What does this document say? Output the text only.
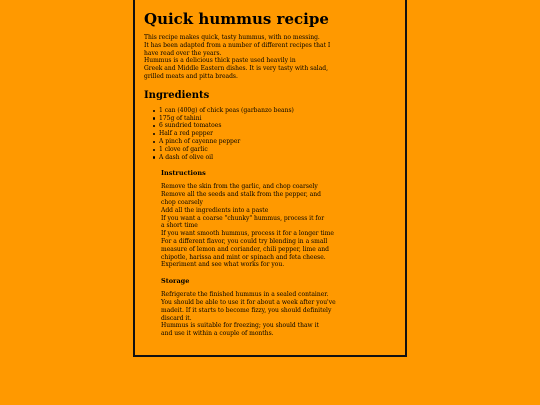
Quick hummus recipe

This recipe makes quick, tasty hummus, with no messing.

It has been adapted from a number of different recipes that I

have read over the years.

Hummus is a delicious thick paste used heavily in

Greek and Middle Eastern dishes. It is very tasty with salad,

grilled meats and pitta breads.

Ingredients
1 can (400g) of chick peas (garbanzo beans)
175g of tahini
6 sundried tomatoes
Half a red pepper
A pinch of cayenne pepper
1 clove of garlic
A dash of olive oil
Instructions

Remove the skin from the garlic, and chop coarsely

Remove all the seeds and stalk from the pepper, and

chop coarsely

Add all the ingredients into a paste

If you want a coarse "chunky" hummus, process it for

a short time

If you want smooth hummus, process it for a longer time

For a different flavor, you could try blending in a small

measure of lemon and coriander, chili pepper, lime and

chipotle, harissa and mint or spinach and feta cheese.

Experiment and see what works for you.

Storage

Refrigerate the finished hummus in a sealed container.

You should be able to use it for about a week after you've

madeit. If it starts to become fizzy, you should definitely

discard it.

Hummus is suitable for freezing; you should thaw it

and use it within a couple of months.
